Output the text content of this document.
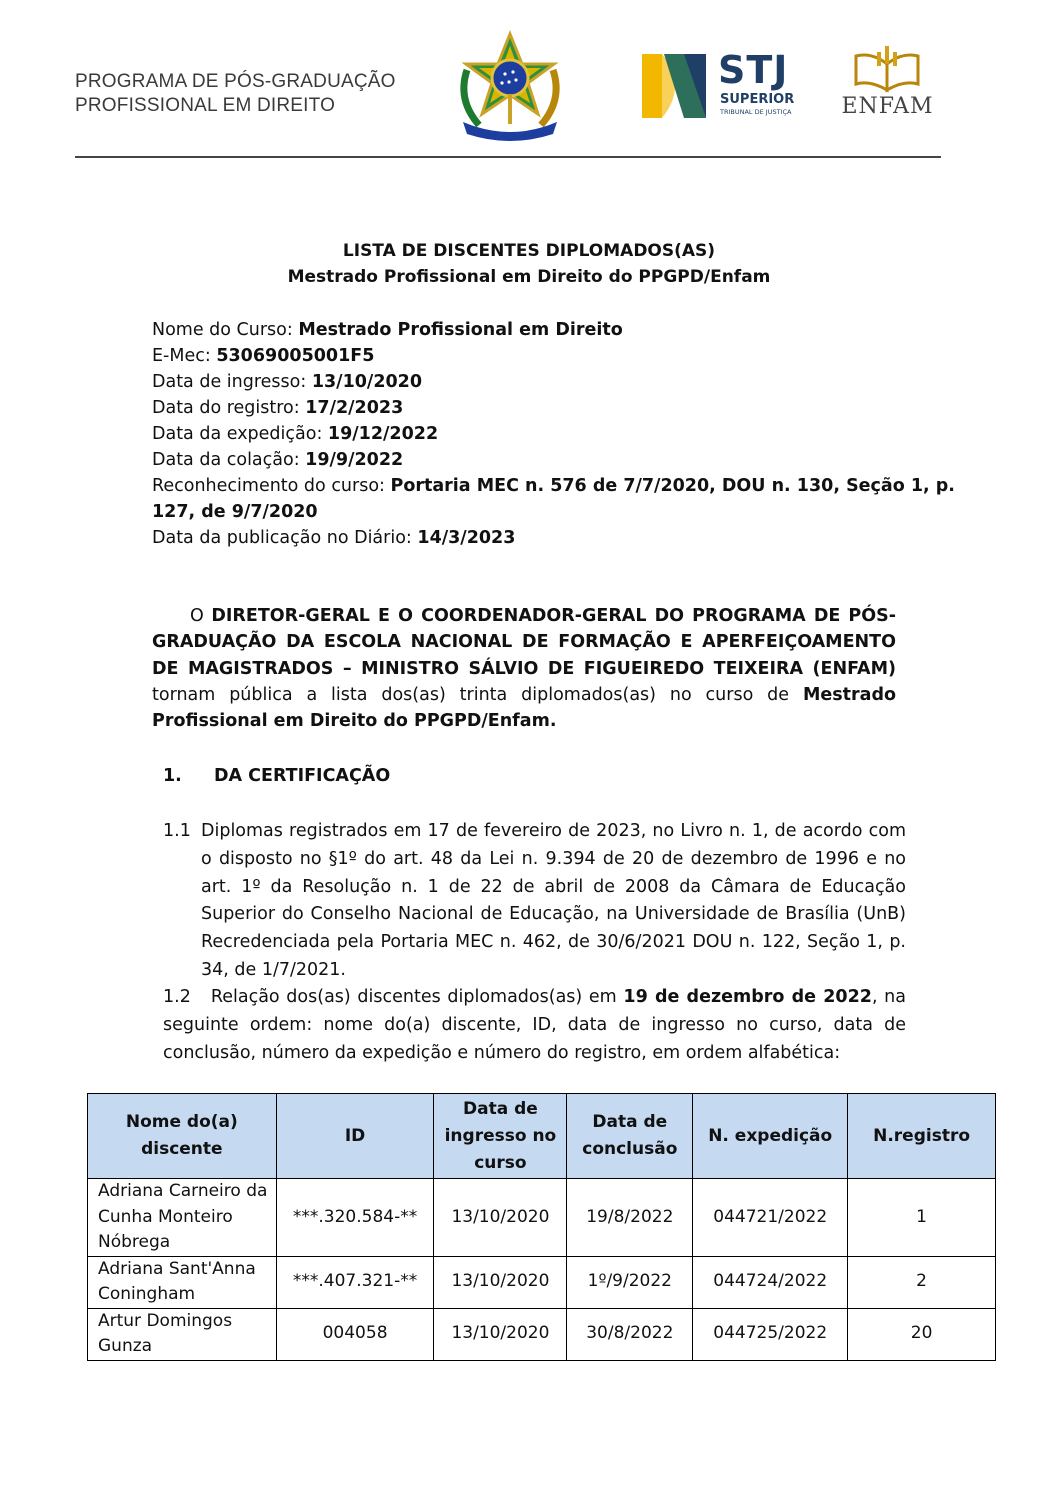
PROGRAMA DE PÓS-GRADUAÇÃO
PROFISSIONAL EM DIREITO
STJ
SUPERIOR
TRIBUNAL DE JUSTIÇA ENFAM
LISTA DE DISCENTES DIPLOMADOS(AS)
Mestrado Profissional em Direito do PPGPD/Enfam
Nome do Curso: Mestrado Profissional em Direito
E-Mec: 53069005001F5
Data de ingresso: 13/10/2020
Data do registro: 17/2/2023
Data da expedição: 19/12/2022
Data da colação: 19/9/2022
Reconhecimento do curso: Portaria MEC n. 576 de 7/7/2020, DOU n. 130, Seção 1, p.
127, de 9/7/2020
Data da publicação no Diário: 14/3/2023
O DIRETOR-GERAL E O COORDENADOR-GERAL DO PROGRAMA DE PÓS-GRADUAÇÃO DA ESCOLA NACIONAL DE FORMAÇÃO E APERFEIÇOAMENTO DE MAGISTRADOS – MINISTRO SÁLVIO DE FIGUEIREDO TEIXEIRA (ENFAM) tornam pública a lista dos(as) trinta diplomados(as) no curso de Mestrado Profissional em Direito do PPGPD/Enfam.
1. DA CERTIFICAÇÃO
1.1 Diplomas registrados em 17 de fevereiro de 2023, no Livro n. 1, de acordo com o disposto no §1º do art. 48 da Lei n. 9.394 de 20 de dezembro de 1996 e no art. 1º da Resolução n. 1 de 22 de abril de 2008 da Câmara de Educação Superior do Conselho Nacional de Educação, na Universidade de Brasília (UnB) Recredenciada pela Portaria MEC n. 462, de 30/6/2021 DOU n. 122, Seção 1, p. 34, de 1/7/2021.
1.2 Relação dos(as) discentes diplomados(as) em 19 de dezembro de 2022, na seguinte ordem: nome do(a) discente, ID, data de ingresso no curso, data de conclusão, número da expedição e número do registro, em ordem alfabética:
Nome do(a) discente	ID	Data de ingresso no curso	Data de conclusão	N. expedição	N.registro
Adriana Carneiro da Cunha Monteiro Nóbrega	***.320.584-**	13/10/2020	19/8/2022	044721/2022	1
Adriana Sant'Anna Coningham	***.407.321-**	13/10/2020	1º/9/2022	044724/2022	2
Artur Domingos Gunza	004058	13/10/2020	30/8/2022	044725/2022	20
